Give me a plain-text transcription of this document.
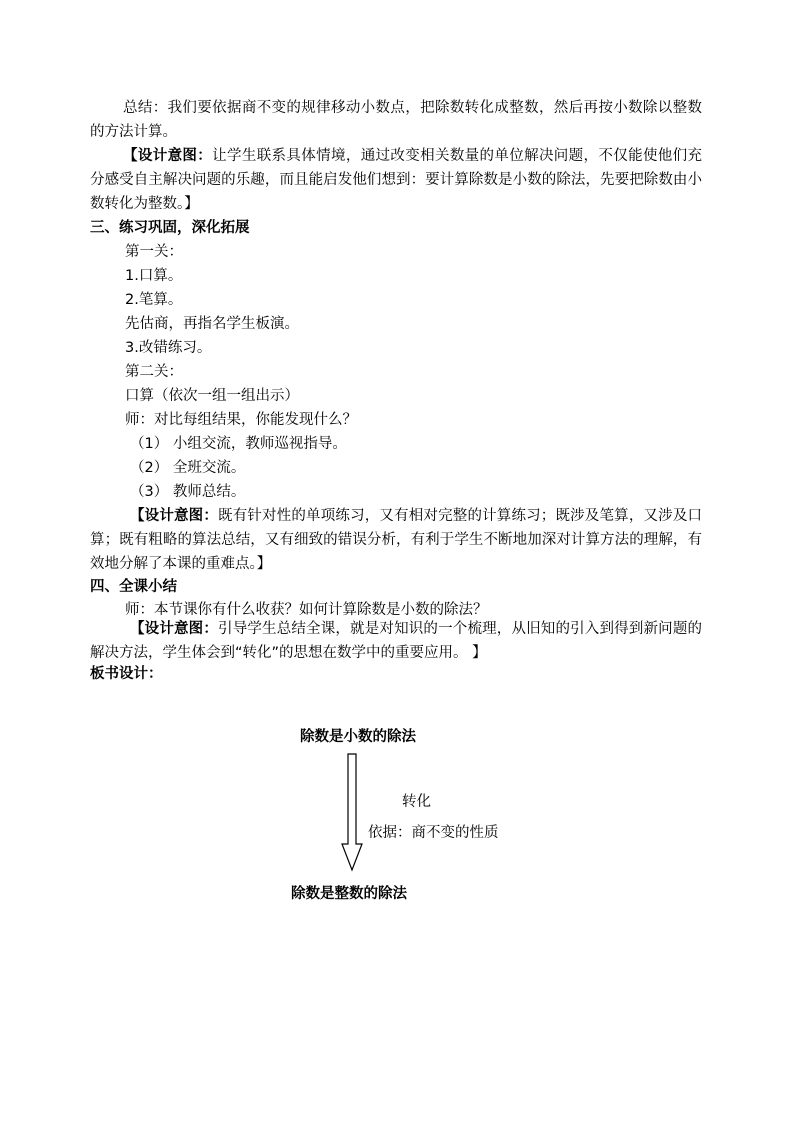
总结：我们要依据商不变的规律移动小数点，把除数转化成整数，然后再按小数除以整数的方法计算。
【设计意图：让学生联系具体情境，通过改变相关数量的单位解决问题，不仅能使他们充分感受自主解决问题的乐趣，而且能启发他们想到：要计算除数是小数的除法，先要把除数由小数转化为整数。】
三、练习巩固，深化拓展
第一关：
1.口算。
2.笔算。
先估商，再指名学生板演。
3.改错练习。
第二关：
口算（依次一组一组出示）
师：对比每组结果，你能发现什么？
（1） 小组交流，教师巡视指导。
（2） 全班交流。
（3） 教师总结。
【设计意图：既有针对性的单项练习，又有相对完整的计算练习；既涉及笔算，又涉及口算；既有粗略的算法总结，又有细致的错误分析，有利于学生不断地加深对计算方法的理解，有效地分解了本课的重难点。】
四、全课小结
师：本节课你有什么收获？如何计算除数是小数的除法？
【设计意图：引导学生总结全课，就是对知识的一个梳理，从旧知的引入到得到新问题的解决方法，学生体会到“转化”的思想在数学中的重要应用。 】
板书设计：
除数是小数的除法
转化
依据：商不变的性质
除数是整数的除法
